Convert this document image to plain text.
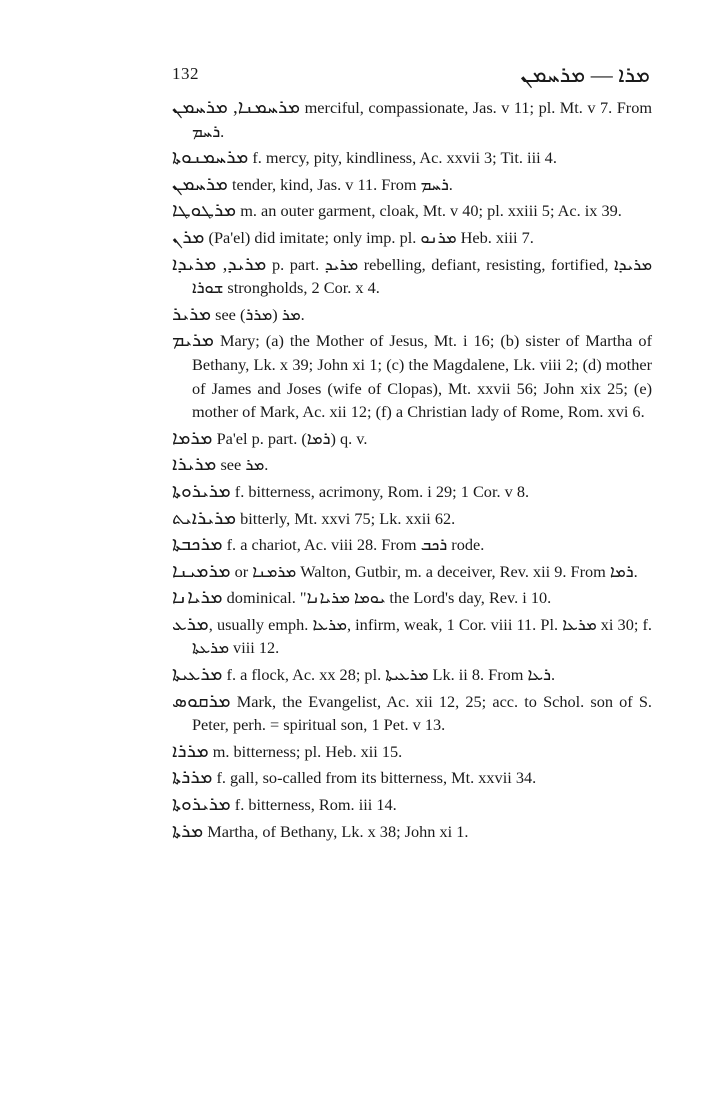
132	ܡܪܐ — ܡܪܚܡܢ

ܡܪܚܡܢܐ, ܡܪܚܡܢ merciful, compassionate, Jas. v 11; pl. Mt. v 7. From ܪܚܡ.

ܡܪܚܡܢܘܬܐ f. mercy, pity, kindliness, Ac. xxvii 3; Tit. iii 4.

ܡܪܚܡܢ tender, kind, Jas. v 11. From ܪܚܡ.

ܡܪܛܘܛܐ m. an outer garment, cloak, Mt. v 40; pl. xxiii 5; Ac. ix 39.

ܡܪܢ (Pa'el) did imitate; only imp. pl. ܡܪܢܘ Heb. xiii 7.

ܡܪܝܕ, ܡܪܝܕܐ p. part. ܡܪܝܕ rebelling, defiant, resisting, fortified, ܡܪܝܕܐ ܫܘܪܐ strongholds, 2 Cor. x 4.

ܡܪܝܪ see ܡܪ (ܡܪܪ).

ܡܪܝܡ Mary; (a) the Mother of Jesus, Mt. i 16; (b) sister of Martha of Bethany, Lk. x 39; John xi 1; (c) the Magdalene, Lk. viii 2; (d) mother of James and Joses (wife of Clopas), Mt. xxvii 56; John xix 25; (e) mother of Mark, Ac. xii 12; (f) a Christian lady of Rome, Rom. xvi 6.

ܡܪܡܐ Pa'el p. part. (ܪܡܐ) q. v.

ܡܪܝܪܐ see ܡܪ.

ܡܪܝܪܘܬܐ f. bitterness, acrimony, Rom. i 29; 1 Cor. v 8.

ܡܪܝܪܐܝܬ bitterly, Mt. xxvi 75; Lk. xxii 62.

ܡܪܟܒܬܐ f. a chariot, Ac. viii 28. From ܪܟܒ rode.

ܡܪܡܝܢܐ or ܡܪܡܢܐ Walton, Gutbir, m. a deceiver, Rev. xii 9. From ܪܡܐ.

ܡܪܝܐܢܐ dominical. "ܝܘܡܐ ܡܪܝܐܢܐ the Lord's day, Rev. i 10.

ܡܪܥ, usually emph. ܡܪܥܐ, infirm, weak, 1 Cor. viii 11. Pl. ܡܪܥܐ xi 30; f. ܡܪܥܬܐ viii 12.

ܡܪܥܝܬܐ f. a flock, Ac. xx 28; pl. ܡܪܥܝܬܐ Lk. ii 8. From ܪܥܐ.

ܡܪܩܘܣ Mark, the Evangelist, Ac. xii 12, 25; acc. to Schol. son of S. Peter, perh. = spiritual son, 1 Pet. v 13.

ܡܪܪܐ m. bitterness; pl. Heb. xii 15.

ܡܪܪܬܐ f. gall, so-called from its bitterness, Mt. xxvii 34.

ܡܪܝܪܘܬܐ f. bitterness, Rom. iii 14.

ܡܪܬܐ Martha, of Bethany, Lk. x 38; John xi 1.
